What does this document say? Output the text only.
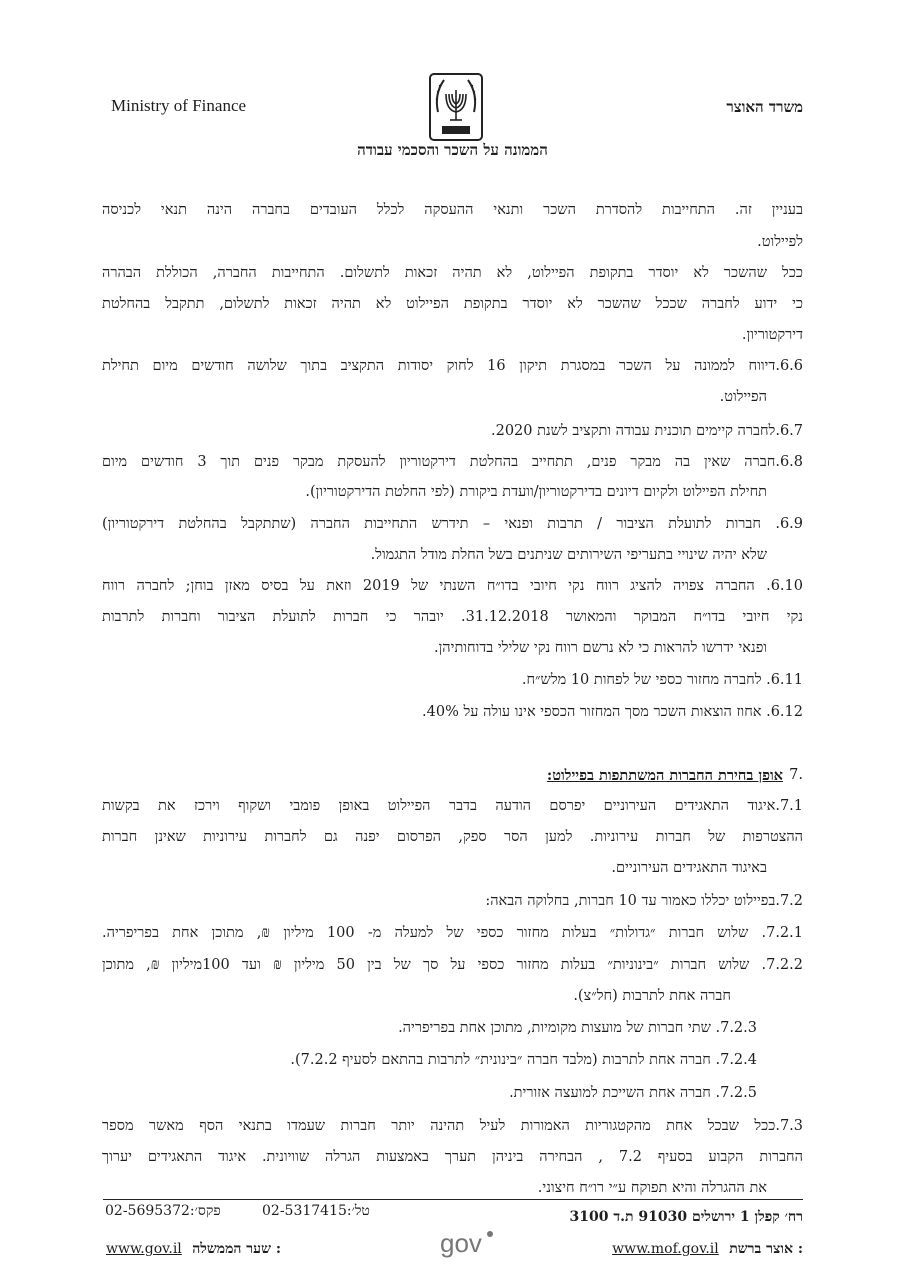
Ministry of Finance	משרד האוצר
הממונה על השכר והסכמי עבודה
בעניין זה. התחייבות להסדרת השכר ותנאי ההעסקה לכלל העובדים בחברה הינה תנאי לכניסה
לפיילוט.
ככל שהשכר לא יוסדר בתקופת הפיילוט, לא תהיה זכאות לתשלום. התחייבות החברה, הכוללת הבהרה
כי ידוע לחברה שככל שהשכר לא יוסדר בתקופת הפיילוט לא תהיה זכאות לתשלום, תתקבל בהחלטת
דירקטוריון.
6.6.דיווח לממונה על השכר במסגרת תיקון 16 לחוק יסודות התקציב בתוך שלושה חודשים מיום תחילת
הפיילוט.
6.7.לחברה קיימים תוכנית עבודה ותקציב לשנת 2020.
6.8.חברה שאין בה מבקר פנים, תתחייב בהחלטת דירקטוריון להעסקת מבקר פנים תוך 3 חודשים מיום
תחילת הפיילוט ולקיום דיונים בדירקטוריון/וועדת ביקורת (לפי החלטת הדירקטוריון).
6.9. חברות לתועלת הציבור / תרבות ופנאי – תידרש התחייבות החברה (שתתקבל בהחלטת דירקטוריון)
שלא יהיה שינויי בתעריפי השירותים שניתנים בשל החלת מודל התגמול.
6.10. החברה צפויה להציג רווח נקי חיובי בדו״ח השנתי של 2019 וזאת על בסיס מאזן בוחן; לחברה רווח
נקי חיובי בדו״ח המבוקר והמאושר 31.12.2018. יובהר כי חברות לתועלת הציבור וחברות לתרבות
ופנאי ידרשו להראות כי לא נרשם רווח נקי שלילי בדוחותיהן.
6.11. לחברה מחזור כספי של לפחות 10 מלש״ח.
6.12. אחוז הוצאות השכר מסך המחזור הכספי אינו עולה על 40%.
.7
7.1.איגוד התאגידים העירוניים יפרסם הודעה בדבר הפיילוט באופן פומבי ושקוף וירכז את בקשות
ההצטרפות של חברות עירוניות. למען הסר ספק, הפרסום יפנה גם לחברות עירוניות שאינן חברות
באיגוד התאגידים העירוניים.
7.2.בפיילוט יכללו כאמור עד 10 חברות, בחלוקה הבאה:
7.2.1. שלוש חברות ״גדולות״ בעלות מחזור כספי של למעלה מ- 100 מיליון ₪, מתוכן אחת בפריפריה.
7.2.2. שלוש חברות ״בינוניות״ בעלות מחזור כספי על סך של בין 50 מיליון ₪ ועד 100מיליון ₪, מתוכן
חברה אחת לתרבות (חל״צ).
7.2.3. שתי חברות של מועצות מקומיות, מתוכן אחת בפריפריה.
7.2.4. חברה אחת לתרבות (מלבד חברה ״בינונית״ לתרבות בהתאם לסעיף 7.2.2).
7.2.5. חברה אחת השייכת למועצה אזורית.
7.3.ככל שבכל אחת מהקטגוריות האמורות לעיל תהינה יותר חברות שעמדו בתנאי הסף מאשר מספר
החברות הקבוע בסעיף 7.2 , הבחירה ביניהן תערך באמצעות הגרלה שוויונית. איגוד התאגידים יערוך
את ההגרלה והיא תפוקח ע״י רו״ח חיצוני.
אופן בחירת החברות המשתתפות בפיילוט:
רח׳ קפלן 1 ירושלים 91030 ת.ד 3100
טל׳:02-5317415
פקס׳:02-5695372
www.gov.il שער הממשלה :	gov	www.mof.gov.il אוצר ברשת :
